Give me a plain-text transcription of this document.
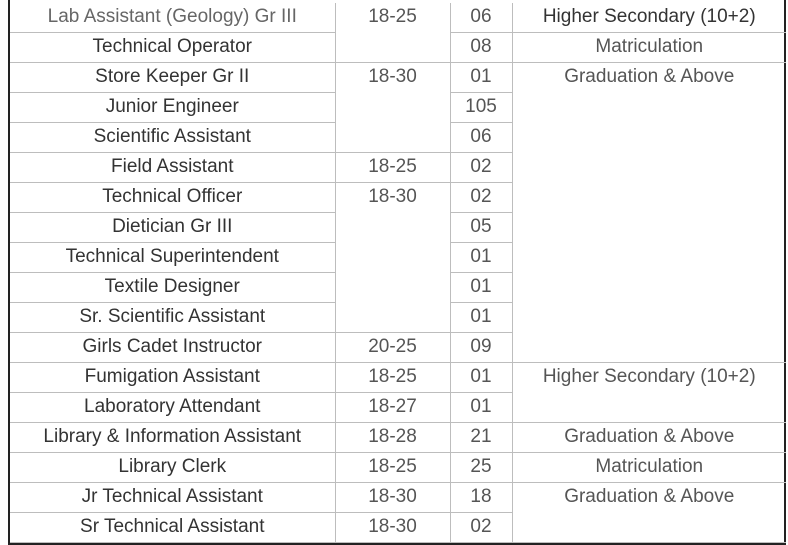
Lab Assistant (Geology) Gr III	18-25	06	Higher Secondary (10+2)
Technical Operator		08	Matriculation
Store Keeper Gr II	18-30	01	Graduation & Above
Junior Engineer		105	
Scientific Assistant		06	
Field Assistant	18-25	02	
Technical Officer	18-30	02	
Dietician Gr III		05	
Technical Superintendent		01	
Textile Designer		01	
Sr. Scientific Assistant		01	
Girls Cadet Instructor	20-25	09	
Fumigation Assistant	18-25	01	Higher Secondary (10+2)
Laboratory Attendant	18-27	01	
Library & Information Assistant	18-28	21	Graduation & Above
Library Clerk	18-25	25	Matriculation
Jr Technical Assistant	18-30	18	Graduation & Above
Sr Technical Assistant	18-30	02	
